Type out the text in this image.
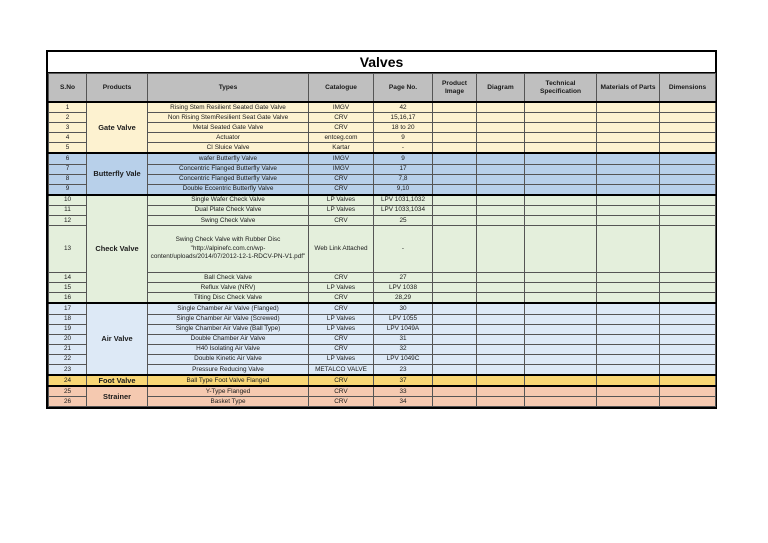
Valves
S.No	Products	Types	Catalogue	Page No.	Product Image	Diagram	Technical Specification	Materials of Parts	Dimensions
1	Gate Valve	Rising Stem Resilient Seated Gate Valve	IMGV	42					
2		Non Rising StemResilient Seat Gate Valve	CRV	15,16,17					
3		Metal Seated Gate Valve	CRV	18 to 20					
4		Actuator	entceg.com	9					
5		CI Sluice Valve	Kartar	-					
6	Butterfly Vale	wafer Butterfly Valve	IMGV	9					
7		Concentric Flanged Butterfly Valve	IMGV	17					
8		Concentric Flanged Butterfly Valve	CRV	7,8					
9		Double Eccentric Butterfly Valve	CRV	9,10					
10	Check Valve	Single Wafer Check Valve	LP Valves	LPV 1031,1032					
11		Dual Plate Check Valve	LP Valves	LPV 1033,1034					
12		Swing Check Valve	CRV	25					
13		Swing Check Valve with Rubber Disc "http://alpinefc.com.cn/wp-content/uploads/2014/07/2012-12-1-RDCV-PN-V1.pdf"	Web Link Attached	-					
14		Ball Check Valve	CRV	27					
15		Reflux Valve (NRV)	LP Valves	LPV 1038					
16		Tilting Disc Check Valve	CRV	28,29					
17	Air Valve	Single Chamber Air Valve (Flanged)	CRV	30					
18		Single Chamber Air Valve (Screwed)	LP Valves	LPV 1055					
19		Single Chamber Air Valve (Ball Type)	LP Valves	LPV 1049A					
20		Double Chamber Air Valve	CRV	31					
21		H40 Isolating Air Valve	CRV	32					
22		Double Kinetic Air Valve	LP Valves	LPV 1049C					
23		Pressure Reducing Valve	METALCO VALVE	23					
24	Foot Valve	Ball Type Foot Valve Flanged	CRV	37					
25	Strainer	Y-Type Flanged	CRV	33					
26		Basket Type	CRV	34					
